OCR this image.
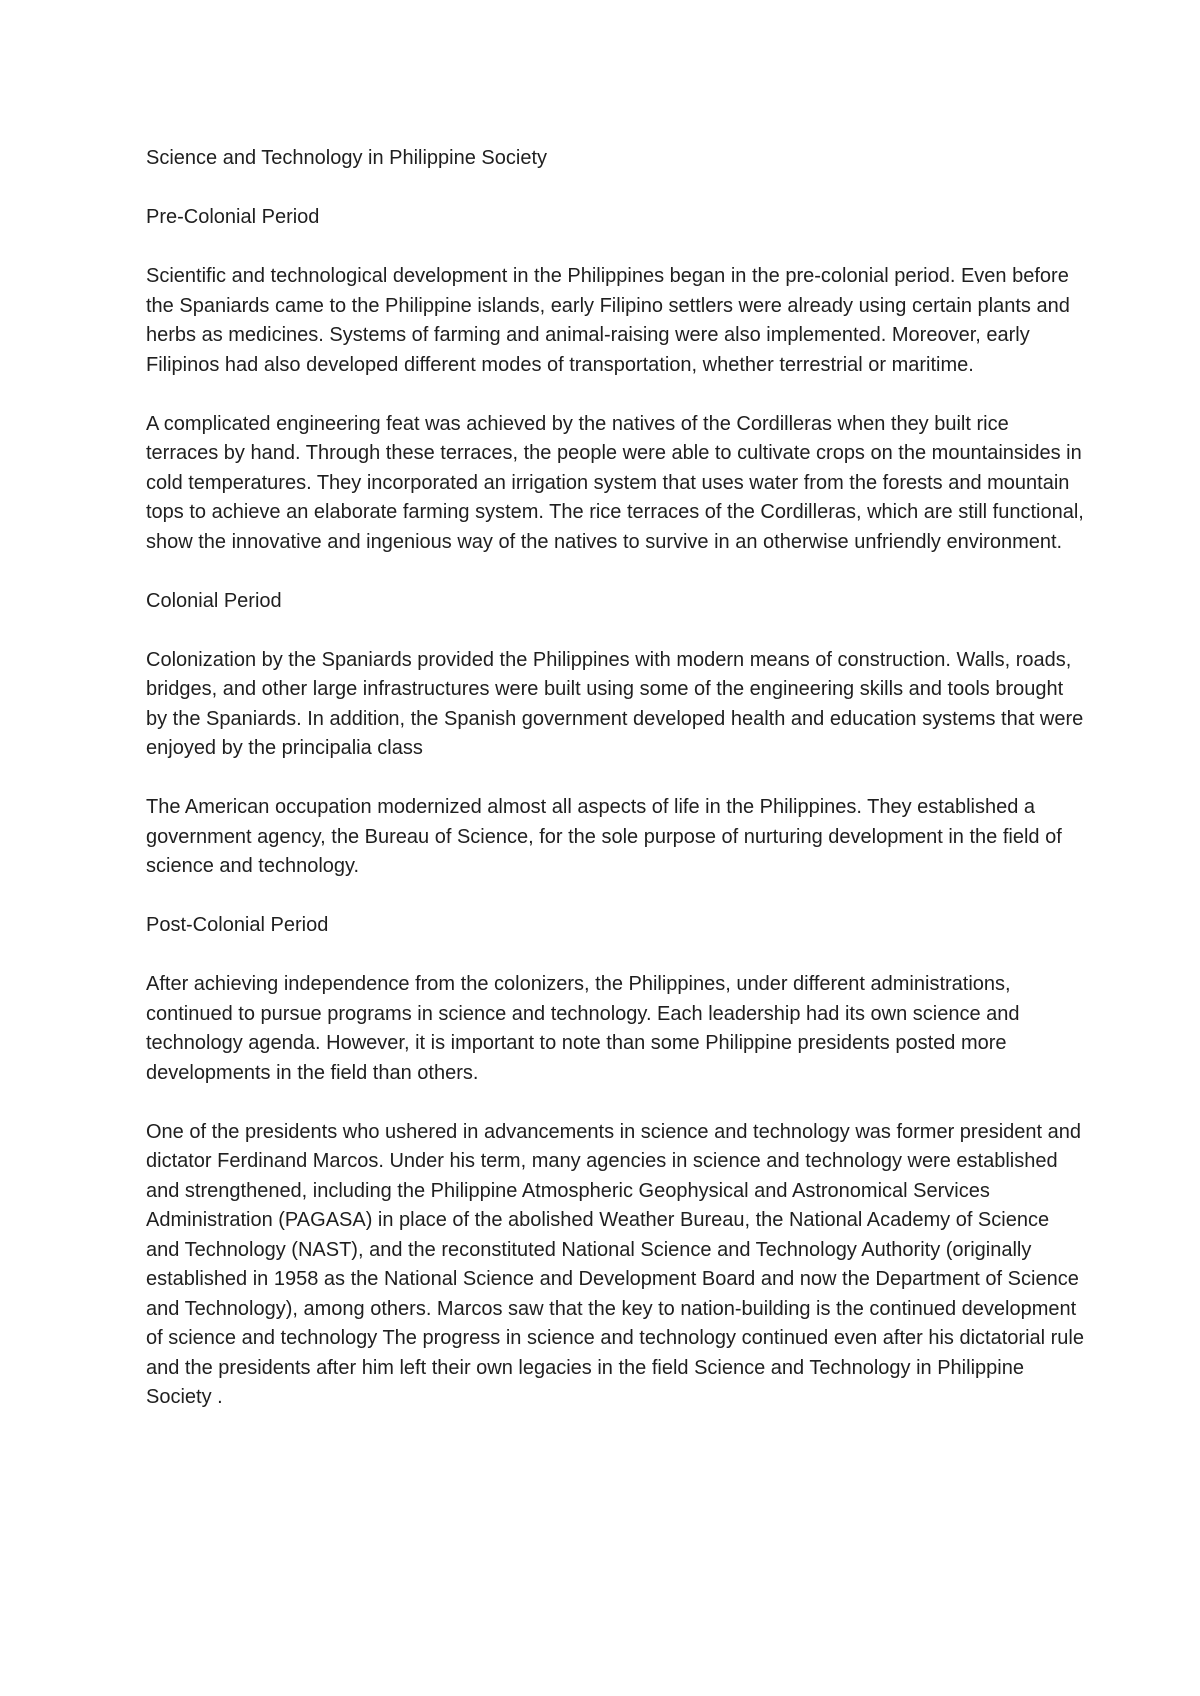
Science and Technology in Philippine Society
Pre-Colonial Period
Scientific and technological development in the Philippines began in the pre-colonial period. Even before the Spaniards came to the Philippine islands, early Filipino settlers were already using certain plants and herbs as medicines. Systems of farming and animal-raising were also implemented. Moreover, early Filipinos had also developed different modes of transportation, whether terrestrial or maritime.
A complicated engineering feat was achieved by the natives of the Cordilleras when they built rice terraces by hand. Through these terraces, the people were able to cultivate crops on the mountainsides in cold temperatures. They incorporated an irrigation system that uses water from the forests and mountain tops to achieve an elaborate farming system. The rice terraces of the Cordilleras, which are still functional, show the innovative and ingenious way of the natives to survive in an otherwise unfriendly environment.
Colonial Period
Colonization by the Spaniards provided the Philippines with modern means of construction. Walls, roads, bridges, and other large infrastructures were built using some of the engineering skills and tools brought by the Spaniards. In addition, the Spanish government developed health and education systems that were enjoyed by the principalia class
The American occupation modernized almost all aspects of life in the Philippines. They established a government agency, the Bureau of Science, for the sole purpose of nurturing development in the field of science and technology.
Post-Colonial Period
After achieving independence from the colonizers, the Philippines, under different administrations, continued to pursue programs in science and technology. Each leadership had its own science and technology agenda. However, it is important to note than some Philippine presidents posted more developments in the field than others.
One of the presidents who ushered in advancements in science and technology was former president and dictator Ferdinand Marcos. Under his term, many agencies in science and technology were established and strengthened, including the Philippine Atmospheric Geophysical and Astronomical Services Administration (PAGASA) in place of the abolished Weather Bureau, the National Academy of Science and Technology (NAST), and the reconstituted National Science and Technology Authority (originally established in 1958 as the National Science and Development Board and now the Department of Science and Technology), among others. Marcos saw that the key to nation-building is the continued development of science and technology The progress in science and technology continued even after his dictatorial rule and the presidents after him left their own legacies in the field Science and Technology in Philippine Society .
